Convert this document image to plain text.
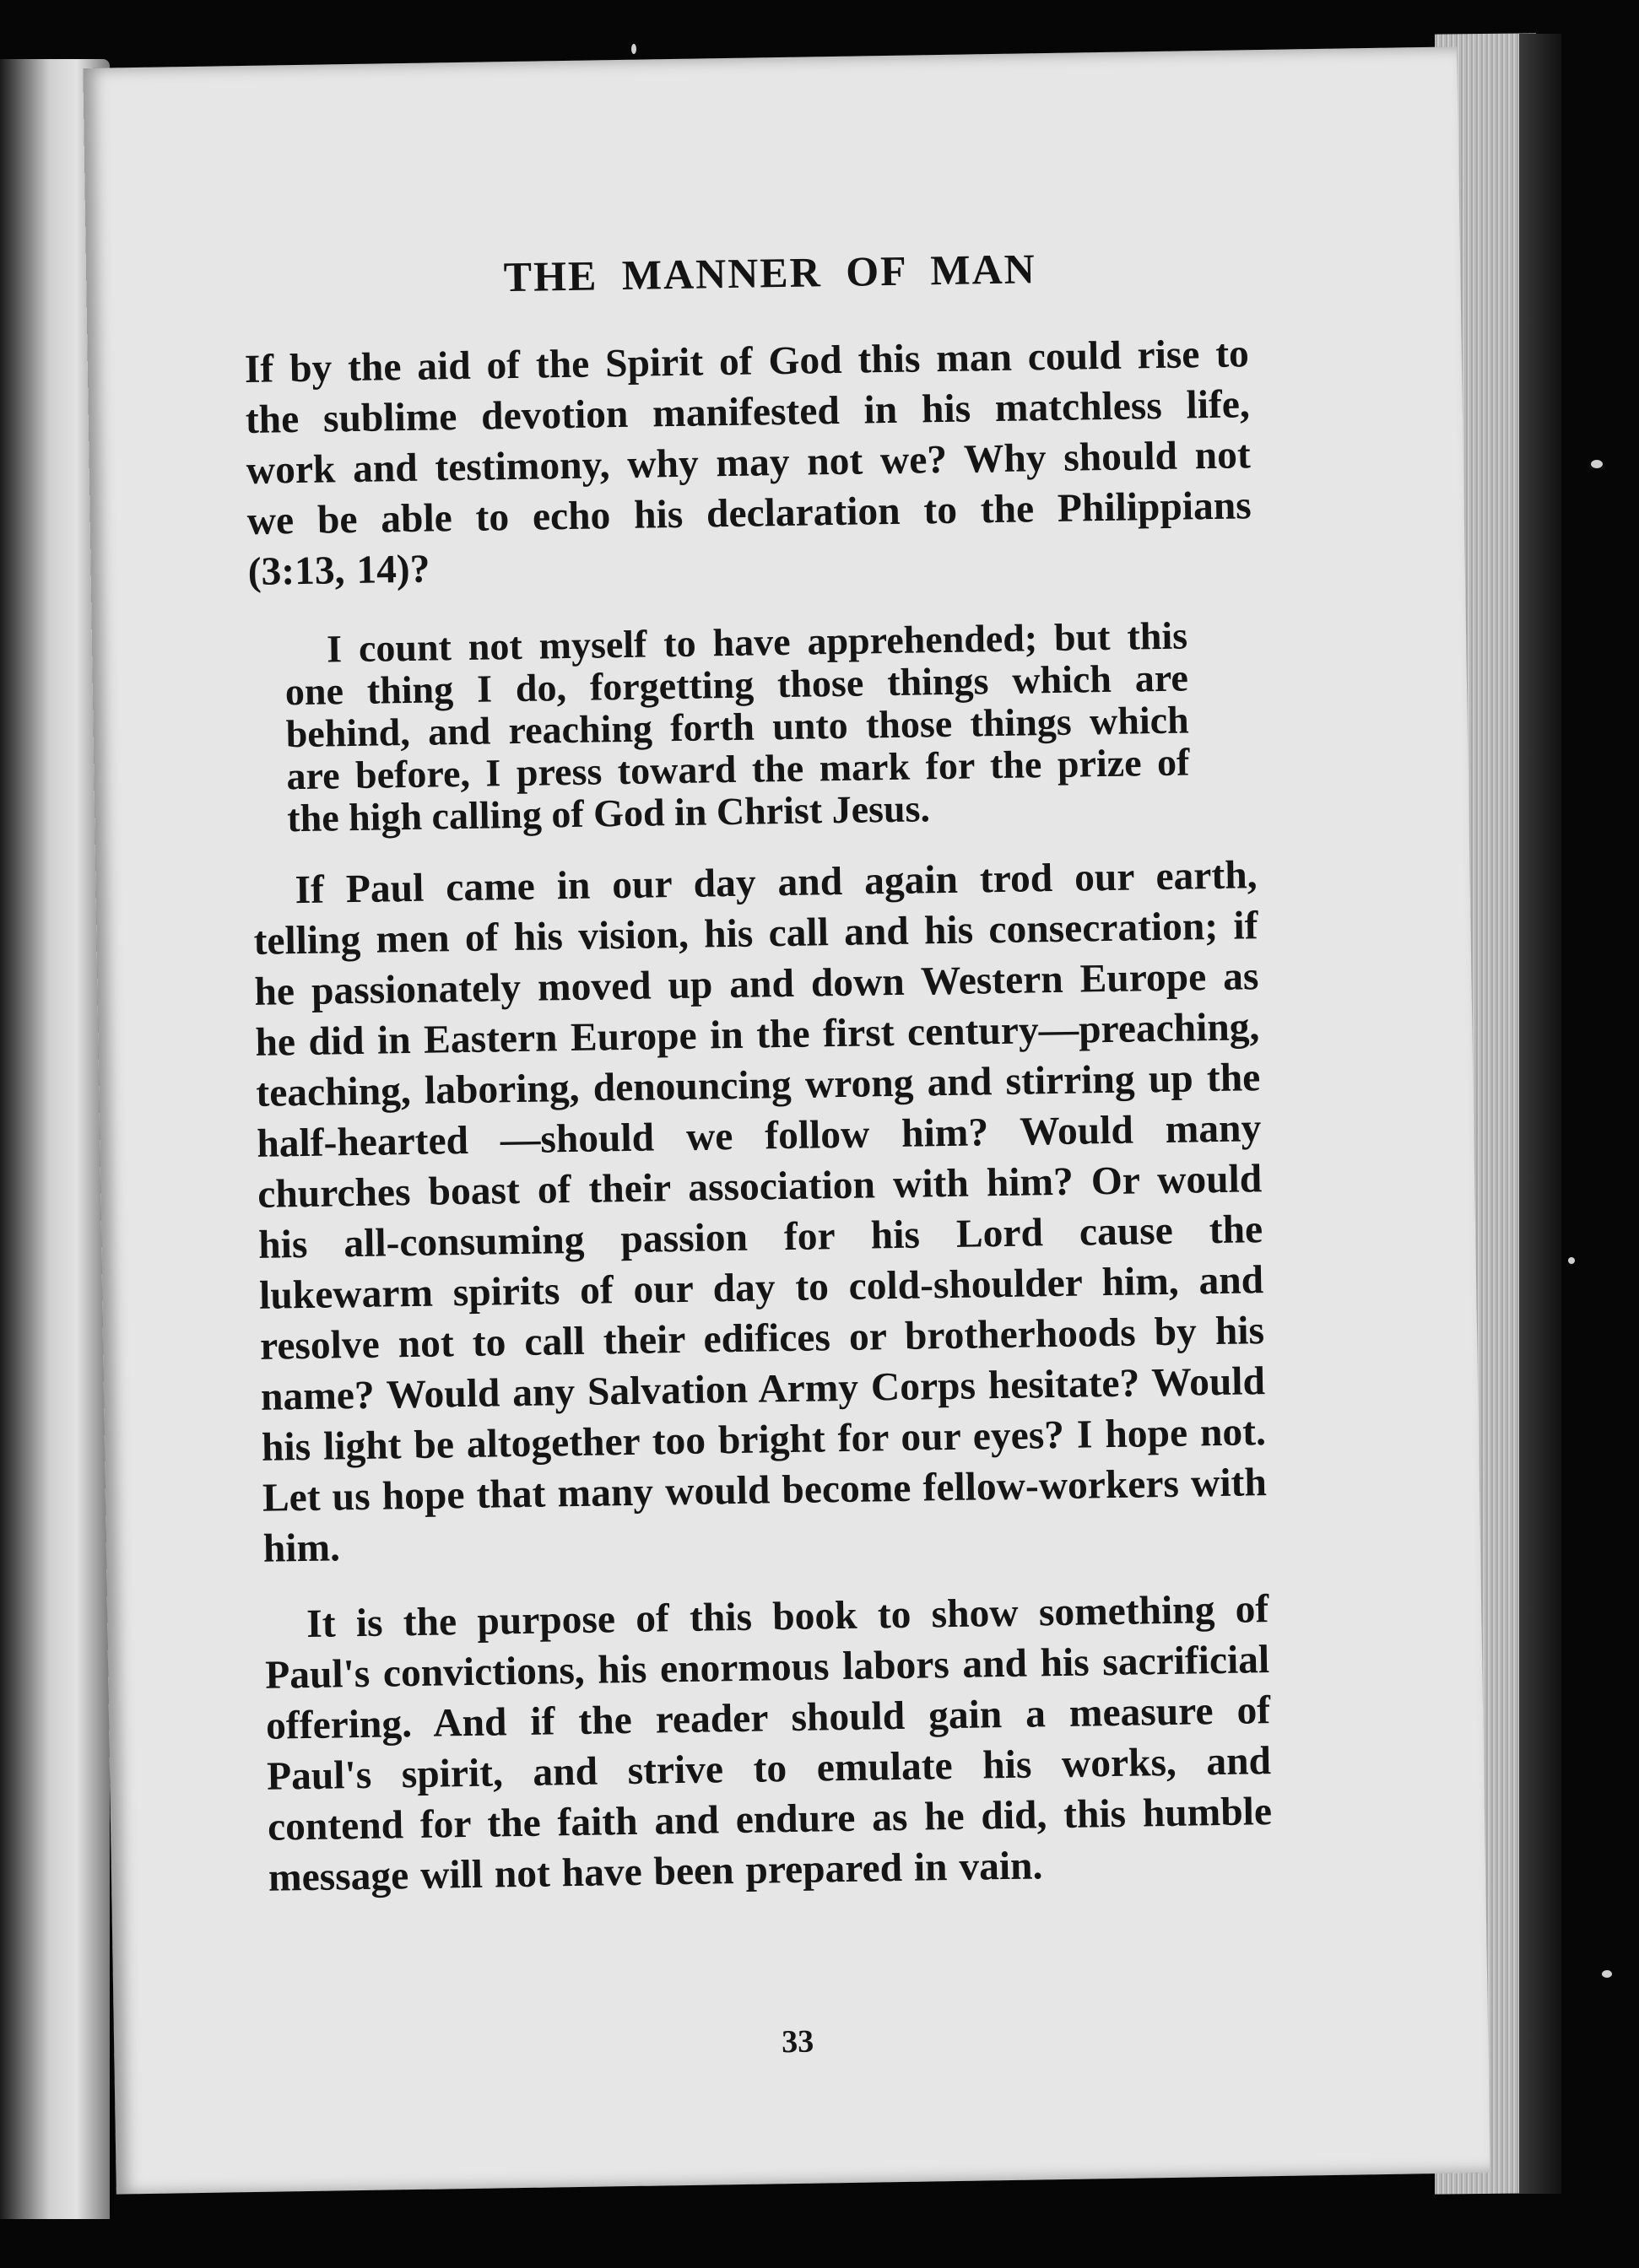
THE MANNER OF MAN

If by the aid of the Spirit of God this man could rise to the sublime devotion manifested in his matchless life, work and testimony, why may not we? Why should not we be able to echo his declaration to the Philippians (3:13, 14)?

I count not myself to have apprehended; but this one thing I do, forgetting those things which are behind, and reaching forth unto those things which are before, I press toward the mark for the prize of the high calling of God in Christ Jesus.

If Paul came in our day and again trod our earth, telling men of his vision, his call and his consecration; if he passionately moved up and down Western Europe as he did in Eastern Europe in the first century—preaching, teaching, laboring, denouncing wrong and stirring up the half-hearted —should we follow him? Would many churches boast of their association with him? Or would his all-consuming passion for his Lord cause the lukewarm spirits of our day to cold-shoulder him, and resolve not to call their edifices or brotherhoods by his name? Would any Salvation Army Corps hesitate? Would his light be altogether too bright for our eyes? I hope not. Let us hope that many would become fellow-workers with him.

It is the purpose of this book to show something of Paul's convictions, his enormous labors and his sacrificial offering. And if the reader should gain a measure of Paul's spirit, and strive to emulate his works, and contend for the faith and endure as he did, this humble message will not have been prepared in vain.

33
